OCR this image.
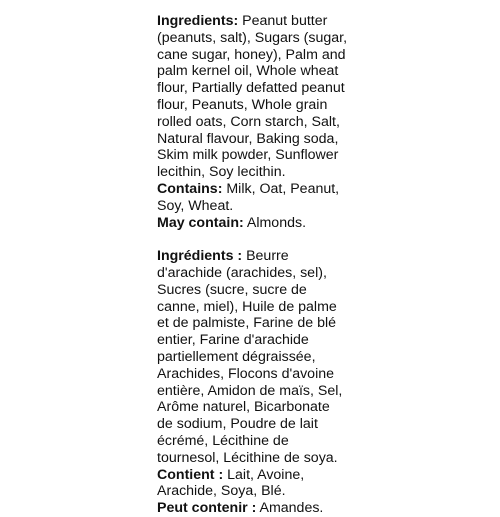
Ingredients: Peanut butter
(peanuts, salt), Sugars (sugar,
cane sugar, honey), Palm and
palm kernel oil, Whole wheat
flour, Partially defatted peanut
flour, Peanuts, Whole grain
rolled oats, Corn starch, Salt,
Natural flavour, Baking soda,
Skim milk powder, Sunflower
lecithin, Soy lecithin.
Contains: Milk, Oat, Peanut,
Soy, Wheat.
May contain: Almonds.
Ingrédients : Beurre
d'arachide (arachides, sel),
Sucres (sucre, sucre de
canne, miel), Huile de palme
et de palmiste, Farine de blé
entier, Farine d'arachide
partiellement dégraissée,
Arachides, Flocons d'avoine
entière, Amidon de maïs, Sel,
Arôme naturel, Bicarbonate
de sodium, Poudre de lait
écrémé, Lécithine de
tournesol, Lécithine de soya.
Contient : Lait, Avoine,
Arachide, Soya, Blé.
Peut contenir : Amandes.
